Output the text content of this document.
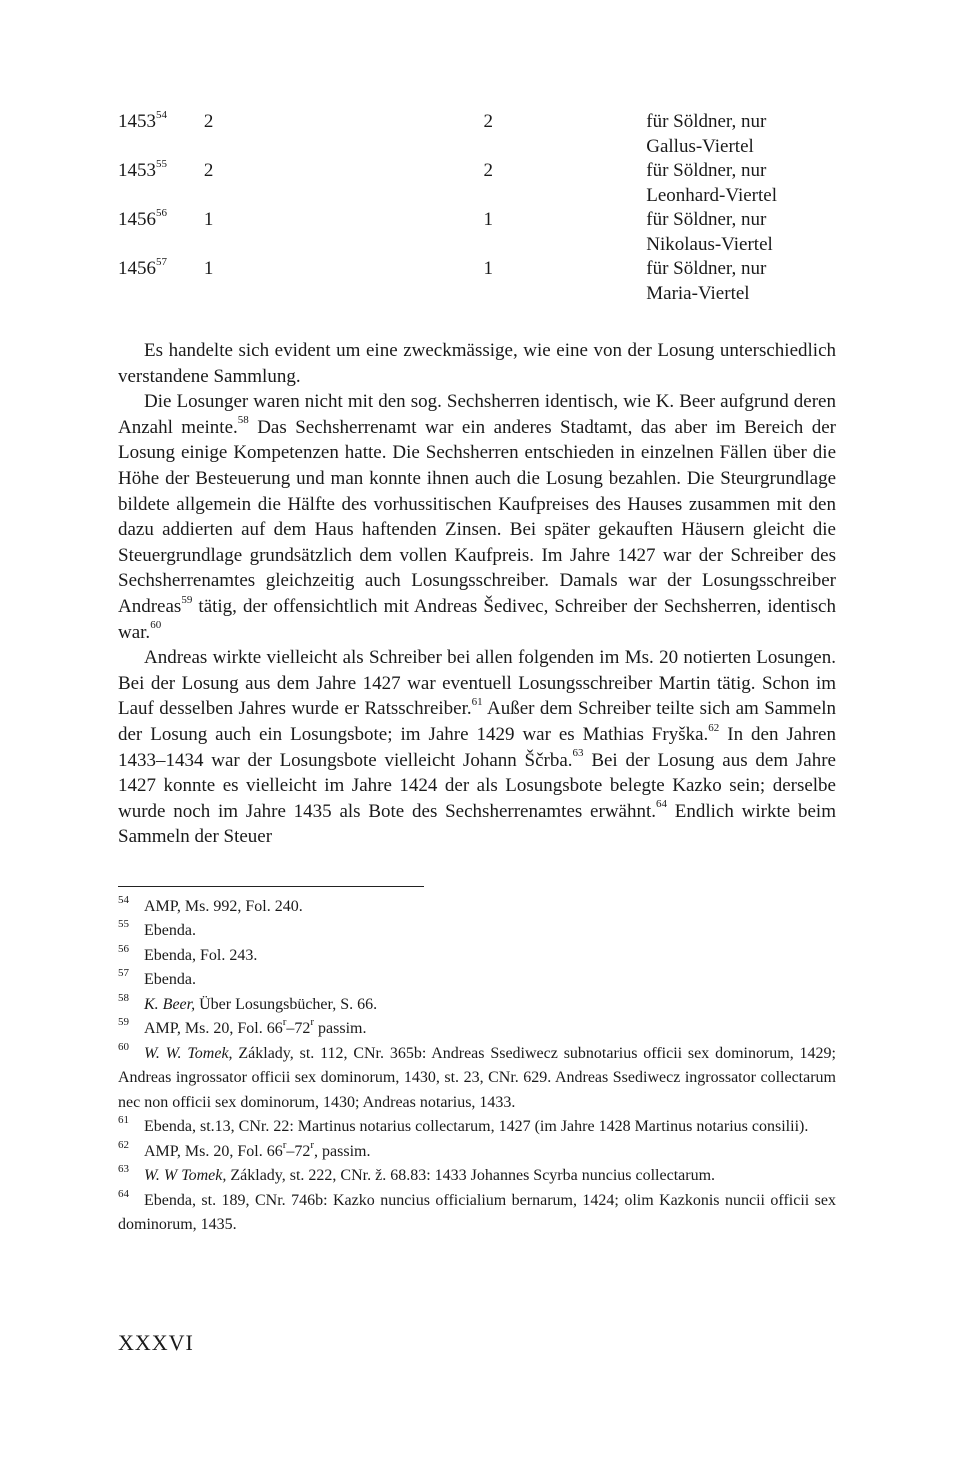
1453$^{54}$	2	2	für Söldner, nur
Gallus-Viertel
1453$^{55}$	2	2	für Söldner, nur
Leonhard-Viertel
1456$^{56}$	1	1	für Söldner, nur
Nikolaus-Viertel
1456$^{57}$	1	1	für Söldner, nur
Maria-Viertel

Es handelte sich evident um eine zweckmässige, wie eine von der Losung unterschiedlich verstandene Sammlung.

Die Losunger waren nicht mit den sog. Sechsherren identisch, wie K. Beer aufgrund deren Anzahl meinte.$^{58}$ Das Sechsherrenamt war ein anderes Stadtamt, das aber im Bereich der Losung einige Kompetenzen hatte. Die Sechsherren entschieden in einzelnen Fällen über die Höhe der Besteuerung und man konnte ihnen auch die Losung bezahlen. Die Steurgrundlage bildete allgemein die Hälfte des vorhussitischen Kaufpreises des Hauses zusammen mit den dazu addierten auf dem Haus haftenden Zinsen. Bei später gekauften Häusern gleicht die Steuergrundlage grundsätzlich dem vollen Kaufpreis. Im Jahre 1427 war der Schreiber des Sechsherrenamtes gleichzeitig auch Losungsschreiber. Damals war der Losungsschreiber Andreas$^{59}$ tätig, der offensichtlich mit Andreas Šedivec, Schreiber der Sechsherren, identisch war.$^{60}$

Andreas wirkte vielleicht als Schreiber bei allen folgenden im Ms. 20 notierten Losungen. Bei der Losung aus dem Jahre 1427 war eventuell Losungsschreiber Martin tätig. Schon im Lauf desselben Jahres wurde er Ratsschreiber.$^{61}$ Außer dem Schreiber teilte sich am Sammeln der Losung auch ein Losungsbote; im Jahre 1429 war es Mathias Fryška.$^{62}$ In den Jahren 1433–1434 war der Losungsbote vielleicht Johann Ščrba.$^{63}$ Bei der Losung aus dem Jahre 1427 konnte es vielleicht im Jahre 1424 der als Losungsbote belegte Kazko sein; derselbe wurde noch im Jahre 1435 als Bote des Sechsherrenamtes erwähnt.$^{64}$ Endlich wirkte beim Sammeln der Steuer

$^{54}$ AMP, Ms. 992, Fol. 240.
$^{55}$ Ebenda.
$^{56}$ Ebenda, Fol. 243.
$^{57}$ Ebenda.
$^{58}$ K. Beer, Über Losungsbücher, S. 66.
$^{59}$ AMP, Ms. 20, Fol. 66$^r$–72$^r$ passim.
$^{60}$ W. W. Tomek, Základy, st. 112, CNr. 365b: Andreas Ssediwecz subnotarius officii sex dominorum, 1429; Andreas ingrossator officii sex dominorum, 1430, st. 23, CNr. 629. Andreas Ssediwecz ingrossator collectarum nec non officii sex dominorum, 1430; Andreas notarius, 1433.
$^{61}$ Ebenda, st.13, CNr. 22: Martinus notarius collectarum, 1427 (im Jahre 1428 Martinus notarius consilii).
$^{62}$ AMP, Ms. 20, Fol. 66$^r$–72$^r$, passim.
$^{63}$ W. W Tomek, Základy, st. 222, CNr. ž. 68.83: 1433 Johannes Scyrba nuncius collectarum.
$^{64}$ Ebenda, st. 189, CNr. 746b: Kazko nuncius officialium bernarum, 1424; olim Kazkonis nuncii officii sex dominorum, 1435.
XXXVI
